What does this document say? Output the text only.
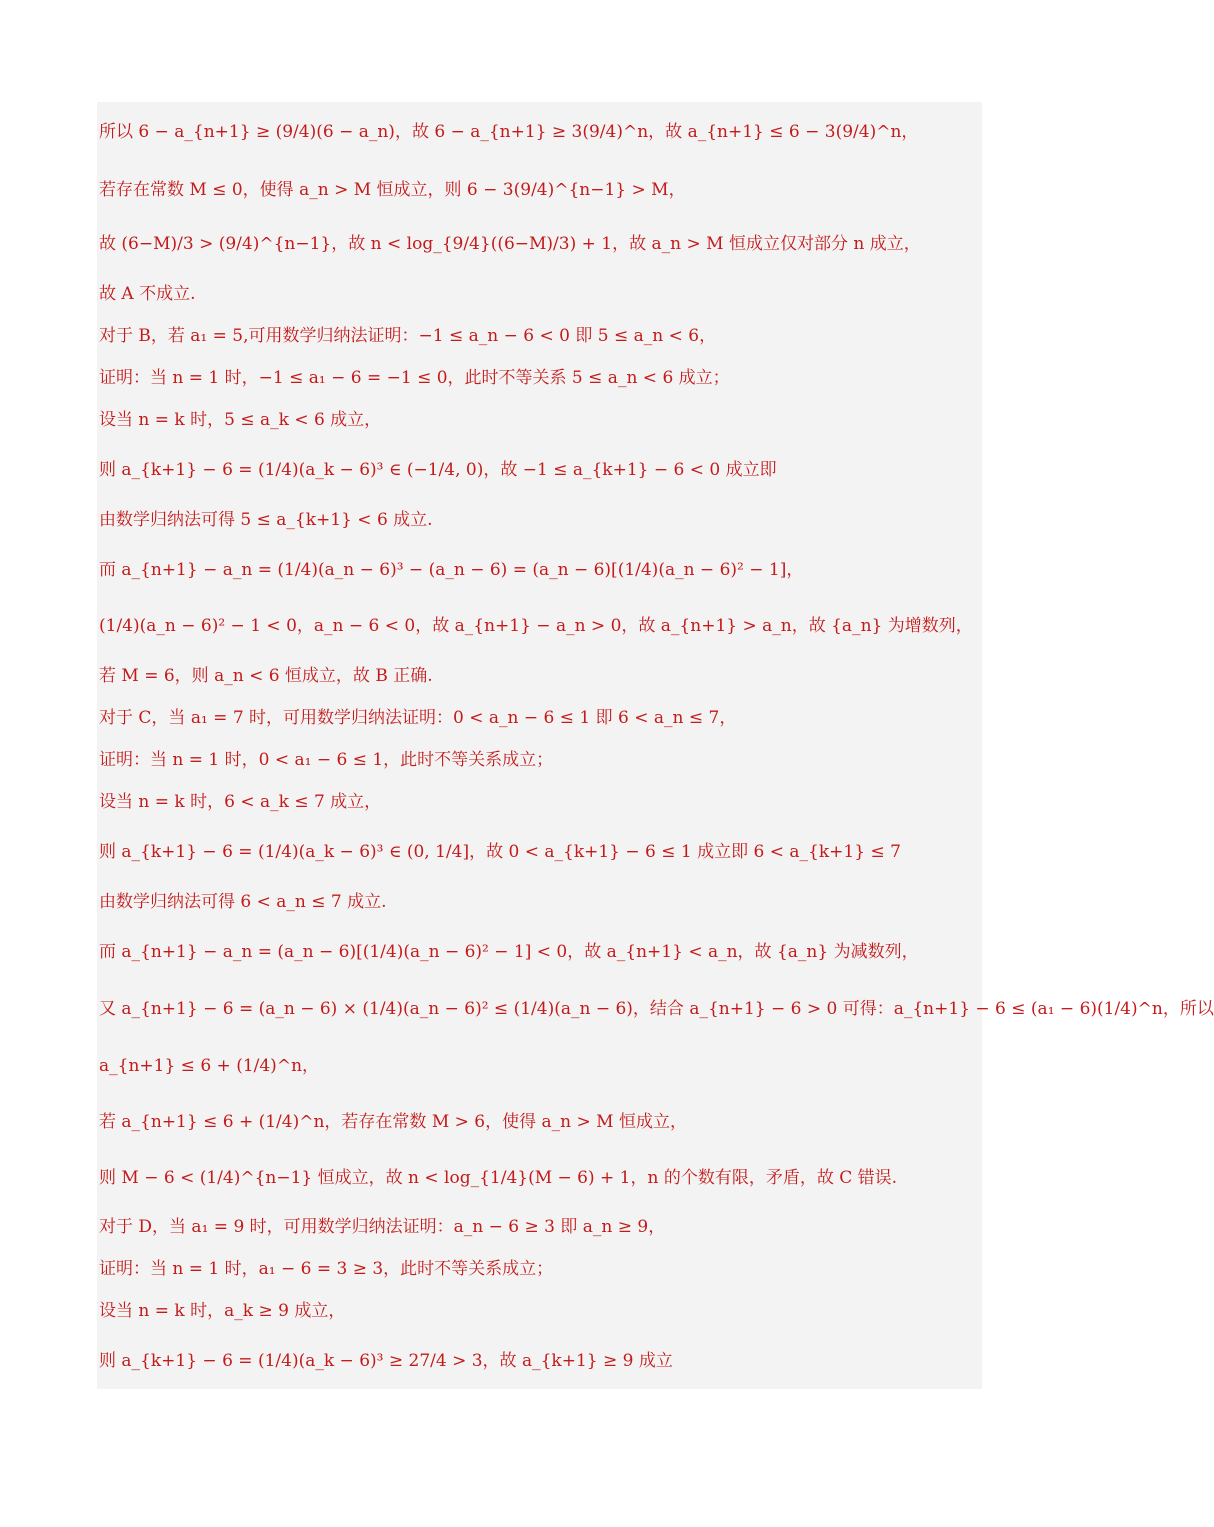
所以 6 − a_{n+1} ≥ (9/4)(6 − a_n)，故 6 − a_{n+1} ≥ 3(9/4)^n，故 a_{n+1} ≤ 6 − 3(9/4)^n，
若存在常数 M ≤ 0，使得 a_n > M 恒成立，则 6 − 3(9/4)^{n−1} > M，
故 (6−M)/3 > (9/4)^{n−1}，故 n < log_{9/4}((6−M)/3) + 1，故 a_n > M 恒成立仅对部分 n 成立，
故 A 不成立.
对于 B，若 a₁ = 5,可用数学归纳法证明：−1 ≤ a_n − 6 < 0 即 5 ≤ a_n < 6，
证明：当 n = 1 时，−1 ≤ a₁ − 6 = −1 ≤ 0，此时不等关系 5 ≤ a_n < 6 成立；
设当 n = k 时，5 ≤ a_k < 6 成立，
则 a_{k+1} − 6 = (1/4)(a_k − 6)³ ∈ (−1/4, 0)，故 −1 ≤ a_{k+1} − 6 < 0 成立即
由数学归纳法可得 5 ≤ a_{k+1} < 6 成立.
而 a_{n+1} − a_n = (1/4)(a_n − 6)³ − (a_n − 6) = (a_n − 6)[(1/4)(a_n − 6)² − 1]，
(1/4)(a_n − 6)² − 1 < 0，a_n − 6 < 0，故 a_{n+1} − a_n > 0，故 a_{n+1} > a_n，故 {a_n} 为增数列，
若 M = 6，则 a_n < 6 恒成立，故 B 正确.
对于 C，当 a₁ = 7 时，可用数学归纳法证明：0 < a_n − 6 ≤ 1 即 6 < a_n ≤ 7，
证明：当 n = 1 时，0 < a₁ − 6 ≤ 1，此时不等关系成立；
设当 n = k 时，6 < a_k ≤ 7 成立，
则 a_{k+1} − 6 = (1/4)(a_k − 6)³ ∈ (0, 1/4]，故 0 < a_{k+1} − 6 ≤ 1 成立即 6 < a_{k+1} ≤ 7
由数学归纳法可得 6 < a_n ≤ 7 成立.
而 a_{n+1} − a_n = (a_n − 6)[(1/4)(a_n − 6)² − 1] < 0，故 a_{n+1} < a_n，故 {a_n} 为减数列，
又 a_{n+1} − 6 = (a_n − 6) × (1/4)(a_n − 6)² ≤ (1/4)(a_n − 6)，结合 a_{n+1} − 6 > 0 可得：a_{n+1} − 6 ≤ (a₁ − 6)(1/4)^n，所以
a_{n+1} ≤ 6 + (1/4)^n，
若 a_{n+1} ≤ 6 + (1/4)^n，若存在常数 M > 6，使得 a_n > M 恒成立，
则 M − 6 < (1/4)^{n−1} 恒成立，故 n < log_{1/4}(M − 6) + 1，n 的个数有限，矛盾，故 C 错误.
对于 D，当 a₁ = 9 时，可用数学归纳法证明：a_n − 6 ≥ 3 即 a_n ≥ 9，
证明：当 n = 1 时，a₁ − 6 = 3 ≥ 3，此时不等关系成立；
设当 n = k 时，a_k ≥ 9 成立，
则 a_{k+1} − 6 = (1/4)(a_k − 6)³ ≥ 27/4 > 3，故 a_{k+1} ≥ 9 成立
